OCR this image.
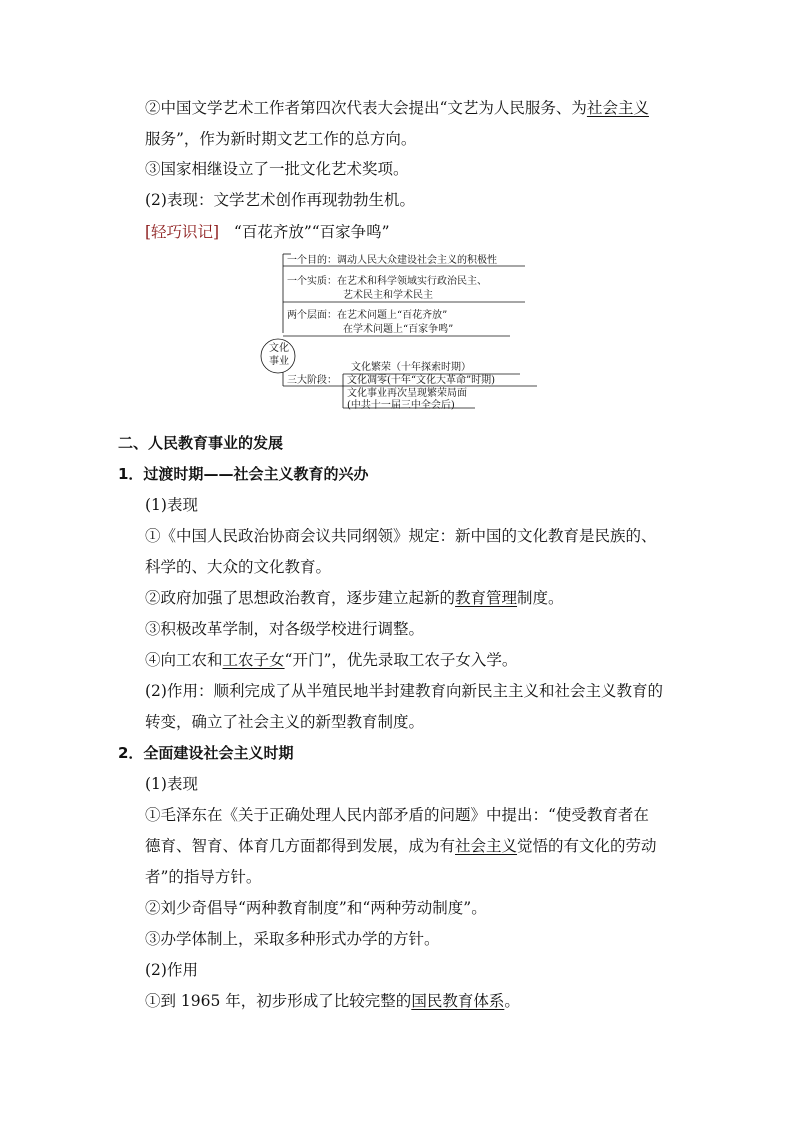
②中国文学艺术工作者第四次代表大会提出“文艺为人民服务、为社会主义
服务”，作为新时期文艺工作的总方向。
③国家相继设立了一批文化艺术奖项。
(2)表现：文学艺术创作再现勃勃生机。
[轻巧识记] “百花齐放”“百家争鸣”
文化
事业
一个目的：调动人民大众建设社会主义的积极性
一个实质：在艺术和科学领域实行政治民主、
艺术民主和学术民主
两个层面：在艺术问题上“百花齐放”
在学术问题上“百家争鸣”
三大阶段：
文化繁荣（十年探索时期）
文化凋零(十年“文化大革命”时期)
文化事业再次呈现繁荣局面
(中共十一届三中全会后)
二、人民教育事业的发展
1．过渡时期——社会主义教育的兴办
(1)表现
①《中国人民政治协商会议共同纲领》规定：新中国的文化教育是民族的、
科学的、大众的文化教育。
②政府加强了思想政治教育，逐步建立起新的教育管理制度。
③积极改革学制，对各级学校进行调整。
④向工农和工农子女“开门”，优先录取工农子女入学。
(2)作用：顺利完成了从半殖民地半封建教育向新民主主义和社会主义教育的
转变，确立了社会主义的新型教育制度。
2．全面建设社会主义时期
(1)表现
①毛泽东在《关于正确处理人民内部矛盾的问题》中提出：“使受教育者在
德育、智育、体育几方面都得到发展，成为有社会主义觉悟的有文化的劳动
者”的指导方针。
②刘少奇倡导“两种教育制度”和“两种劳动制度”。
③办学体制上，采取多种形式办学的方针。
(2)作用
①到 1965 年，初步形成了比较完整的国民教育体系。
